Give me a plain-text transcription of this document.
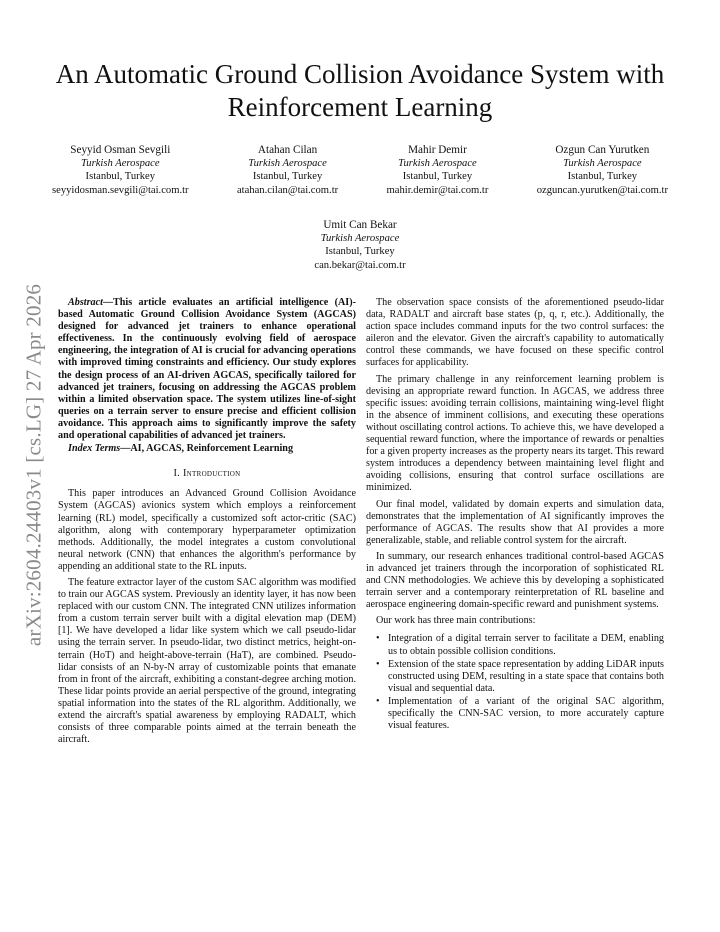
arXiv:2604.24403v1 [cs.LG] 27 Apr 2026
An Automatic Ground Collision Avoidance System with Reinforcement Learning
Seyyid Osman Sevgili
Turkish Aerospace
Istanbul, Turkey
seyyidosman.sevgili@tai.com.tr
Atahan Cilan
Turkish Aerospace
Istanbul, Turkey
atahan.cilan@tai.com.tr
Mahir Demir
Turkish Aerospace
Istanbul, Turkey
mahir.demir@tai.com.tr
Ozgun Can Yurutken
Turkish Aerospace
Istanbul, Turkey
ozguncan.yurutken@tai.com.tr
Umit Can Bekar
Turkish Aerospace
Istanbul, Turkey
can.bekar@tai.com.tr

Abstract—This article evaluates an artificial intelligence (AI)-based Automatic Ground Collision Avoidance System (AGCAS) designed for advanced jet trainers to enhance operational effectiveness. In the continuously evolving field of aerospace engineering, the integration of AI is crucial for advancing operations with improved timing constraints and efficiency. Our study explores the design process of an AI-driven AGCAS, specifically tailored for advanced jet trainers, focusing on addressing the AGCAS problem within a limited observation space. The system utilizes line-of-sight queries on a terrain server to ensure precise and efficient collision avoidance. This approach aims to significantly improve the safety and operational capabilities of advanced jet trainers.

Index Terms—AI, AGCAS, Reinforcement Learning

I. Introduction

This paper introduces an Advanced Ground Collision Avoidance System (AGCAS) avionics system which employs a reinforcement learning (RL) model, specifically a customized soft actor-critic (SAC) algorithm, along with contemporary hyperparameter optimization methods. Additionally, the model integrates a custom convolutional neural network (CNN) that enhances the algorithm's performance by appending an additional state to the RL inputs.

The feature extractor layer of the custom SAC algorithm was modified to train our AGCAS system. Previously an identity layer, it has now been replaced with our custom CNN. The integrated CNN utilizes information from a custom terrain server built with a digital elevation map (DEM) [1]. We have developed a lidar like system which we call pseudo-lidar using the terrain server. In pseudo-lidar, two distinct metrics, height-on-terrain (HoT) and height-above-terrain (HaT), are combined. Pseudo-lidar consists of an N-by-N array of customizable points that emanate from in front of the aircraft, exhibiting a constant-degree arching motion. These lidar points provide an aerial perspective of the ground, integrating spatial information into the states of the RL algorithm. Additionally, we extend the aircraft's spatial awareness by employing RADALT, which consists of three comparable points aimed at the terrain beneath the aircraft.

The observation space consists of the aforementioned pseudo-lidar data, RADALT and aircraft base states (p, q, r, etc.). Additionally, the action space includes command inputs for the two control surfaces: the aileron and the elevator. Given the aircraft's capability to automatically control these commands, we have focused on these specific control surfaces for applicability.

The primary challenge in any reinforcement learning problem is devising an appropriate reward function. In AGCAS, we address three specific issues: avoiding terrain collisions, maintaining wing-level flight in the absence of imminent collisions, and executing these operations without oscillating control actions. To achieve this, we have developed a sequential reward function, where the importance of rewards or penalties for a given property increases as the property nears its target. This reward system introduces a dependency between maintaining level flight and avoiding collisions, ensuring that control surface oscillations are minimized.

Our final model, validated by domain experts and simulation data, demonstrates that the implementation of AI significantly improves the performance of AGCAS. The results show that AI provides a more generalizable, stable, and reliable control system for the aircraft.

In summary, our research enhances traditional control-based AGCAS in advanced jet trainers through the incorporation of sophisticated RL and CNN methodologies. We achieve this by developing a sophisticated terrain server and a contemporary reinterpretation of RL baseline and aerospace engineering domain-specific reward and punishment systems.

Our work has three main contributions:

• Integration of a digital terrain server to facilitate a DEM, enabling us to obtain possible collision conditions.
• Extension of the state space representation by adding LiDAR inputs constructed using DEM, resulting in a state space that contains both visual and sequential data.
• Implementation of a variant of the original SAC algorithm, specifically the CNN-SAC version, to more accurately capture visual features.
